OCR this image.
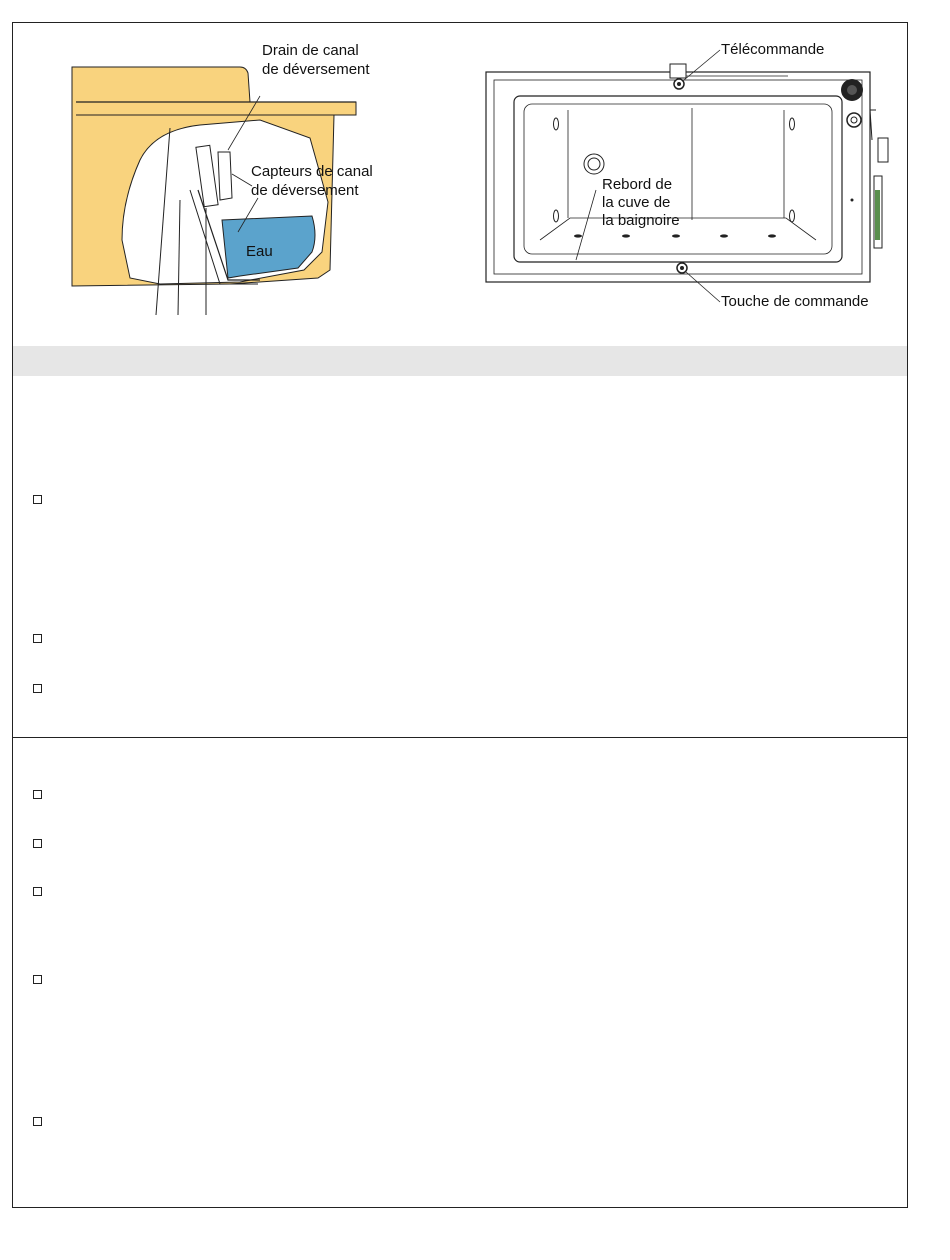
Drain de canal
de déversement
Capteurs de canal
de déversement
Eau
Télécommande
Rebord de
la cuve de
la baignoire
Touche de commande
